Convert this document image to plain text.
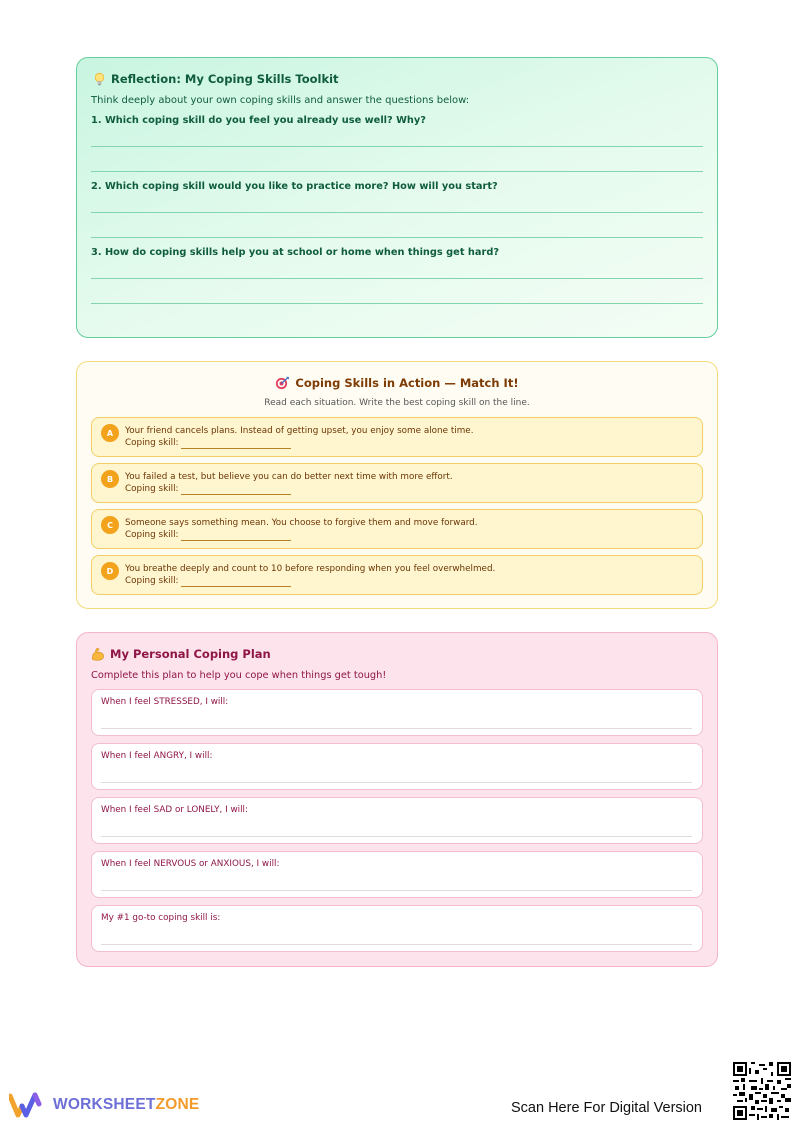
Reflection: My Coping Skills Toolkit
Think deeply about your own coping skills and answer the questions below:
1. Which coping skill do you feel you already use well? Why?
2. Which coping skill would you like to practice more? How will you start?
3. How do coping skills help you at school or home when things get hard?
Coping Skills in Action — Match It!
Read each situation. Write the best coping skill on the line.
A	Your friend cancels plans. Instead of getting upset, you enjoy some alone time.
Coping skill:
B	You failed a test, but believe you can do better next time with more effort.
Coping skill:
C	Someone says something mean. You choose to forgive them and move forward.
Coping skill:
D	You breathe deeply and count to 10 before responding when you feel overwhelmed.
Coping skill:
My Personal Coping Plan
Complete this plan to help you cope when things get tough!
When I feel STRESSED, I will:
When I feel ANGRY, I will:
When I feel SAD or LONELY, I will:
When I feel NERVOUS or ANXIOUS, I will:
My #1 go-to coping skill is:
WORKSHEETZONE	Scan Here For Digital Version
